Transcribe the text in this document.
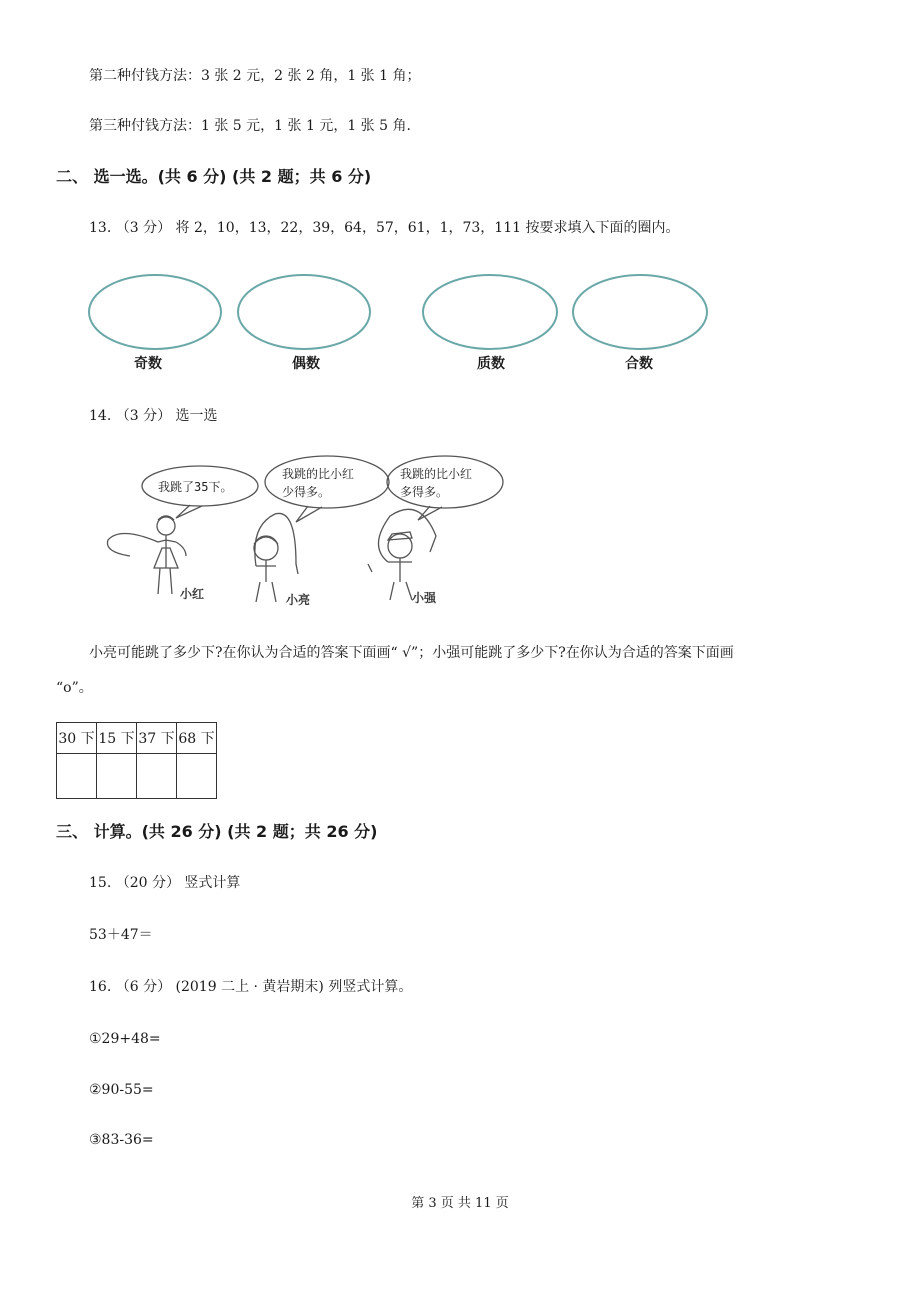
第二种付钱方法：3 张 2 元，2 张 2 角，1 张 1 角；
第三种付钱方法：1 张 5 元，1 张 1 元，1 张 5 角.
二、 选一选。(共 6 分) (共 2 题；共 6 分)
13. （3 分） 将 2，10，13，22，39，64，57，61，1，73，111 按要求填入下面的圈内。
奇数	偶数	质数	合数
14. （3 分） 选一选
我跳了35下。
我跳的比小红
少得多。
我跳的比小红
多得多。
小红	小亮	小强
小亮可能跳了多少下?在你认为合适的答案下面画“ √”；小强可能跳了多少下?在你认为合适的答案下面画
“o”。
30 下	15 下	37 下	68 下

三、 计算。(共 26 分) (共 2 题；共 26 分)
15. （20 分） 竖式计算
53＋47＝
16. （6 分） (2019 二上 · 黄岩期末) 列竖式计算。
①29+48=
②90-55=
③83-36=
第 3 页 共 11 页
